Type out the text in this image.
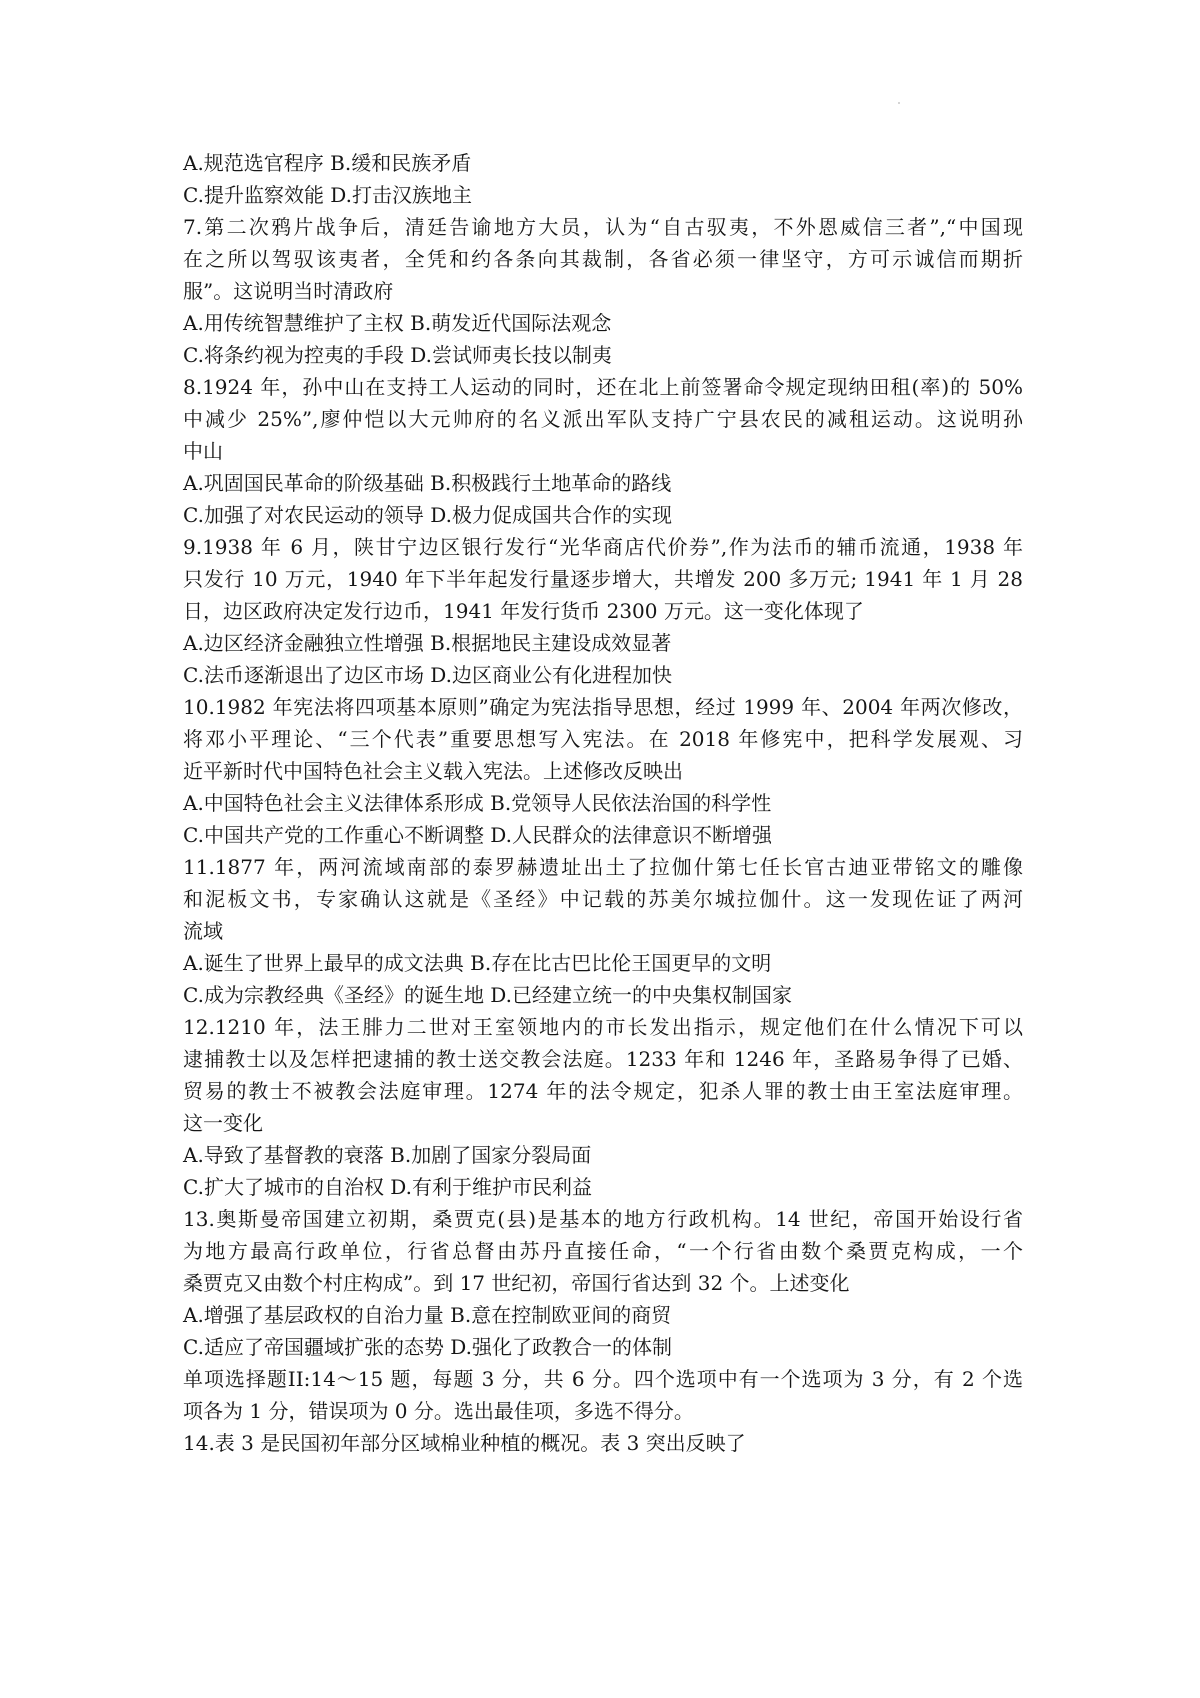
A.规范选官程序 B.缓和民族矛盾
C.提升监察效能 D.打击汉族地主
7.第二次鸦片战争后，清廷告谕地方大员，认为“自古驭夷，不外恩威信三者”,“中国现
在之所以驾驭该夷者，全凭和约各条向其裁制，各省必须一律坚守，方可示诚信而期折
服”。这说明当时清政府
A.用传统智慧维护了主权 B.萌发近代国际法观念
C.将条约视为控夷的手段 D.尝试师夷长技以制夷
8.1924 年，孙中山在支持工人运动的同时，还在北上前签署命令规定现纳田租(率)的 50%
中减少 25%”,廖仲恺以大元帅府的名义派出军队支持广宁县农民的减租运动。这说明孙
中山
A.巩固国民革命的阶级基础 B.积极践行土地革命的路线
C.加强了对农民运动的领导 D.极力促成国共合作的实现
9.1938 年 6 月，陕甘宁边区银行发行“光华商店代价券”,作为法币的辅币流通，1938 年
只发行 10 万元，1940 年下半年起发行量逐步增大，共增发 200 多万元; 1941 年 1 月 28
日，边区政府决定发行边币，1941 年发行货币 2300 万元。这一变化体现了
A.边区经济金融独立性增强 B.根据地民主建设成效显著
C.法币逐渐退出了边区市场 D.边区商业公有化进程加快
10.1982 年宪法将四项基本原则”确定为宪法指导思想，经过 1999 年、2004 年两次修改，
将邓小平理论、“三个代表”重要思想写入宪法。在 2018 年修宪中，把科学发展观、习
近平新时代中国特色社会主义载入宪法。上述修改反映出
A.中国特色社会主义法律体系形成 B.党领导人民依法治国的科学性
C.中国共产党的工作重心不断调整 D.人民群众的法律意识不断增强
11.1877 年，两河流域南部的泰罗赫遗址出土了拉伽什第七任长官古迪亚带铭文的雕像
和泥板文书，专家确认这就是《圣经》中记载的苏美尔城拉伽什。这一发现佐证了两河
流域
A.诞生了世界上最早的成文法典 B.存在比古巴比伦王国更早的文明
C.成为宗教经典《圣经》的诞生地 D.已经建立统一的中央集权制国家
12.1210 年，法王腓力二世对王室领地内的市长发出指示，规定他们在什么情况下可以
逮捕教士以及怎样把逮捕的教士送交教会法庭。1233 年和 1246 年，圣路易争得了已婚、
贸易的教士不被教会法庭审理。1274 年的法令规定，犯杀人罪的教士由王室法庭审理。
这一变化
A.导致了基督教的衰落 B.加剧了国家分裂局面
C.扩大了城市的自治权 D.有利于维护市民利益
13.奥斯曼帝国建立初期，桑贾克(县)是基本的地方行政机构。14 世纪，帝国开始设行省
为地方最高行政单位，行省总督由苏丹直接任命，“一个行省由数个桑贾克构成，一个
桑贾克又由数个村庄构成”。到 17 世纪初，帝国行省达到 32 个。上述变化
A.增强了基层政权的自治力量 B.意在控制欧亚间的商贸
C.适应了帝国疆域扩张的态势 D.强化了政教合一的体制
单项选择题II:14～15 题，每题 3 分，共 6 分。四个选项中有一个选项为 3 分，有 2 个选
项各为 1 分，错误项为 0 分。选出最佳项，多选不得分。
14.表 3 是民国初年部分区域棉业种植的概况。表 3 突出反映了
